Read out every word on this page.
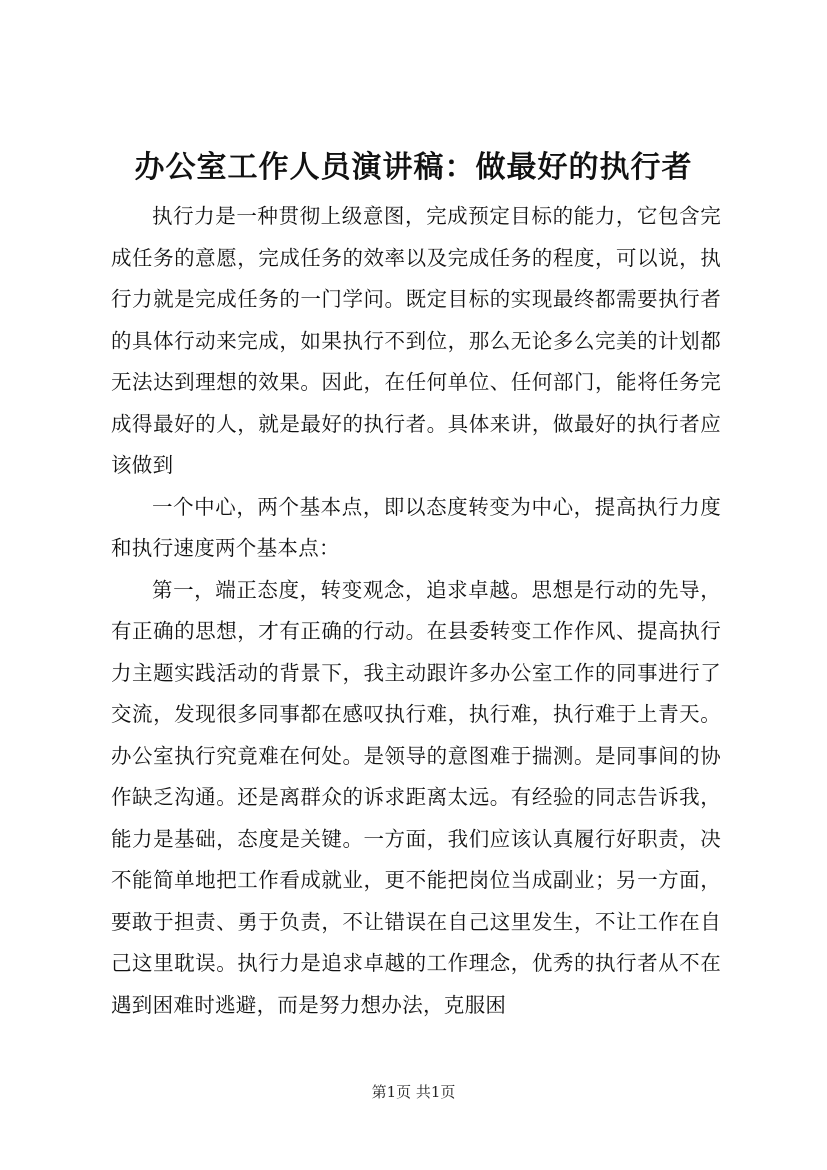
办公室工作人员演讲稿：做最好的执行者

执行力是一种贯彻上级意图，完成预定目标的能力，它包含完成任务的意愿，完成任务的效率以及完成任务的程度，可以说，执行力就是完成任务的一门学问。既定目标的实现最终都需要执行者的具体行动来完成，如果执行不到位，那么无论多么完美的计划都无法达到理想的效果。因此，在任何单位、任何部门，能将任务完成得最好的人，就是最好的执行者。具体来讲，做最好的执行者应该做到

一个中心，两个基本点，即以态度转变为中心，提高执行力度和执行速度两个基本点：

第一，端正态度，转变观念，追求卓越。思想是行动的先导，有正确的思想，才有正确的行动。在县委转变工作作风、提高执行力主题实践活动的背景下，我主动跟许多办公室工作的同事进行了交流，发现很多同事都在感叹执行难，执行难，执行难于上青天。办公室执行究竟难在何处。是领导的意图难于揣测。是同事间的协作缺乏沟通。还是离群众的诉求距离太远。有经验的同志告诉我，能力是基础，态度是关键。一方面，我们应该认真履行好职责，决不能简单地把工作看成就业，更不能把岗位当成副业；另一方面，要敢于担责、勇于负责，不让错误在自己这里发生，不让工作在自己这里耽误。执行力是追求卓越的工作理念，优秀的执行者从不在遇到困难时逃避，而是努力想办法，克服困

第1页 共1页
